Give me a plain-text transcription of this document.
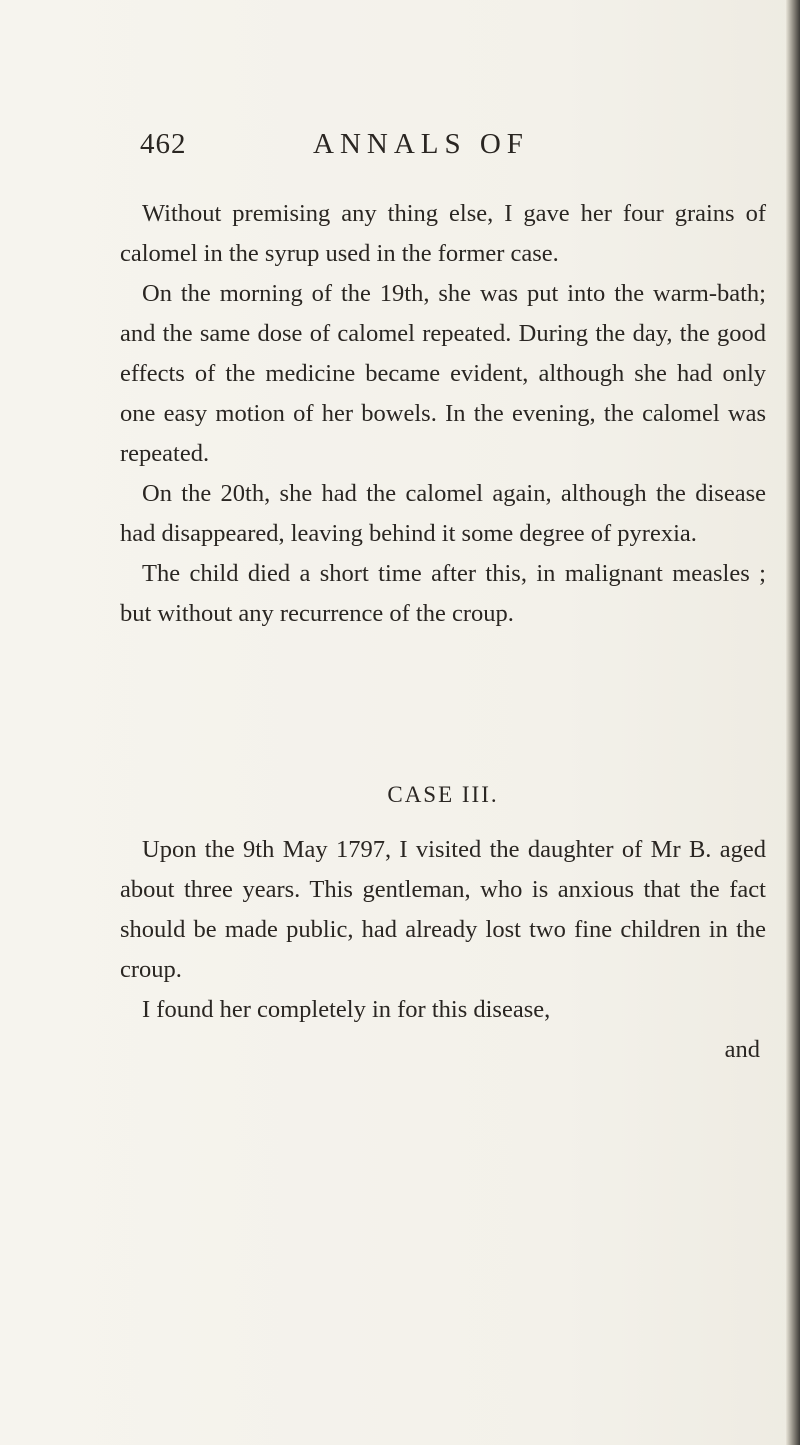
462	ANNALS OF

Without premising any thing else, I gave her four grains of calomel in the syrup used in the former case.

On the morning of the 19th, she was put into the warm-bath; and the same dose of calomel repeated. During the day, the good effects of the medicine became evident, although she had only one easy motion of her bowels. In the evening, the calomel was repeated.

On the 20th, she had the calomel again, although the disease had disappeared, leaving behind it some degree of pyrexia.

The child died a short time after this, in malignant measles ; but without any recurrence of the croup.

CASE III.

Upon the 9th May 1797, I visited the daughter of Mr B. aged about three years. This gentleman, who is anxious that the fact should be made public, had already lost two fine children in the croup.

I found her completely in for this disease,

and
